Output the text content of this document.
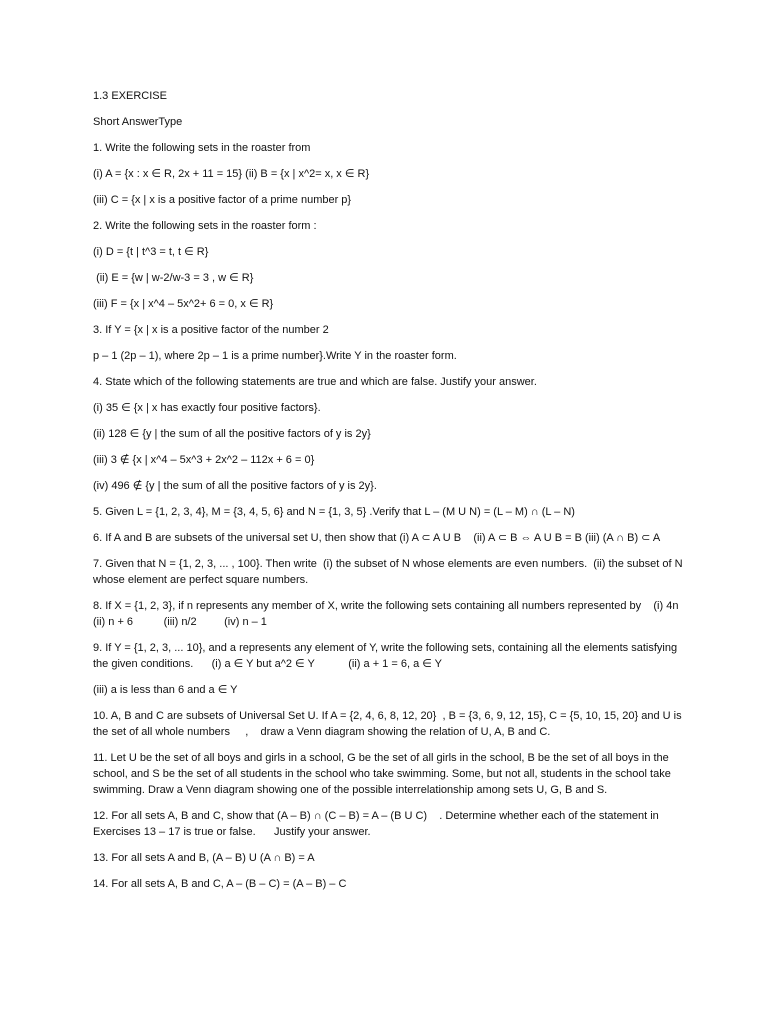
1.3 EXERCISE

Short AnswerType

1. Write the following sets in the roaster from

(i) A = {x : x ∈ R, 2x + 11 = 15} (ii) B = {x | x^2= x, x ∈ R}

(iii) C = {x | x is a positive factor of a prime number p}

2. Write the following sets in the roaster form :

(i) D = {t | t^3 = t, t ∈ R}

(ii) E = {w | w-2/w-3 = 3 , w ∈ R}

(iii) F = {x | x^4 – 5x^2+ 6 = 0, x ∈ R}

3. If Y = {x | x is a positive factor of the number 2

p – 1 (2p – 1), where 2p – 1 is a prime number}.Write Y in the roaster form.

4. State which of the following statements are true and which are false. Justify your answer.

(i) 35 ∈ {x | x has exactly four positive factors}.

(ii) 128 ∈ {y | the sum of all the positive factors of y is 2y}

(iii) 3 ∉ {x | x^4 – 5x^3 + 2x^2 – 112x + 6 = 0}

(iv) 496 ∉ {y | the sum of all the positive factors of y is 2y}.

5. Given L = {1, 2, 3, 4}, M = {3, 4, 5, 6} and N = {1, 3, 5} .Verify that L – (M U N) = (L – M) ∩ (L – N)

6. If A and B are subsets of the universal set U, then show that (i) A ⊂ A U B    (ii) A ⊂ B ⇔ A U B = B (iii) (A ∩ B) ⊂ A

7. Given that N = {1, 2, 3, ... , 100}. Then write  (i) the subset of N whose elements are even numbers.  (ii) the subset of N whose element are perfect square numbers.

8. If X = {1, 2, 3}, if n represents any member of X, write the following sets containing all numbers represented by    (i) 4n      (ii) n + 6          (iii) n/2         (iv) n – 1

9. If Y = {1, 2, 3, ... 10}, and a represents any element of Y, write the following sets, containing all the elements satisfying the given conditions.      (i) a ∈ Y but a^2 ∈ Y           (ii) a + 1 = 6, a ∈ Y

(iii) a is less than 6 and a ∈ Y

10. A, B and C are subsets of Universal Set U. If A = {2, 4, 6, 8, 12, 20}  , B = {3, 6, 9, 12, 15}, C = {5, 10, 15, 20} and U is the set of all whole numbers     ,    draw a Venn diagram showing the relation of U, A, B and C.

11. Let U be the set of all boys and girls in a school, G be the set of all girls in the school, B be the set of all boys in the school, and S be the set of all students in the school who take swimming. Some, but not all, students in the school take swimming. Draw a Venn diagram showing one of the possible interrelationship among sets U, G, B and S.

12. For all sets A, B and C, show that (A – B) ∩ (C – B) = A – (B U C)    . Determine whether each of the statement in Exercises 13 – 17 is true or false.      Justify your answer.

13. For all sets A and B, (A – B) U (A ∩ B) = A

14. For all sets A, B and C, A – (B – C) = (A – B) – C
